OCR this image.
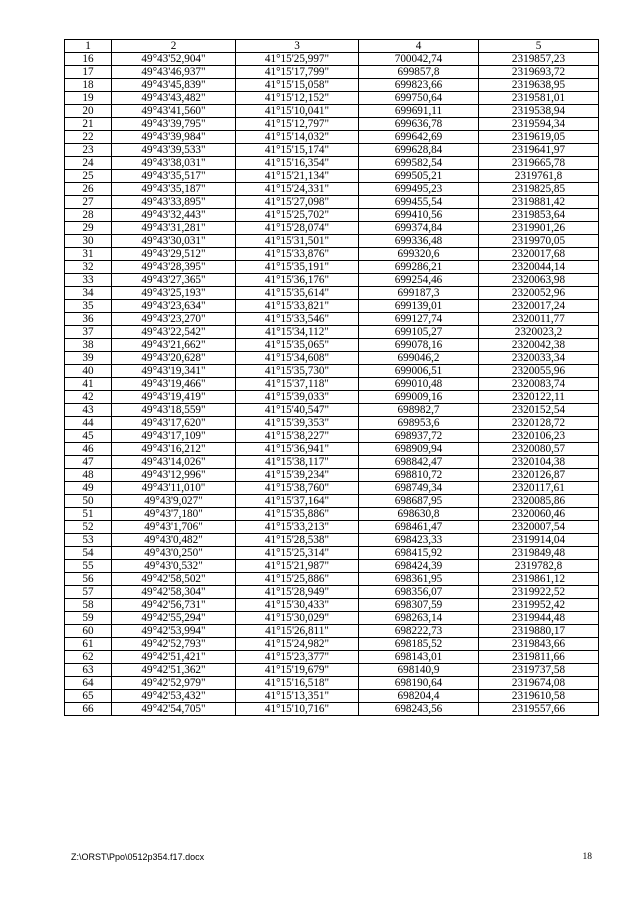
1	2	3	4	5
16	49°43'52,904"	41°15'25,997"	700042,74	2319857,23
17	49°43'46,937"	41°15'17,799"	699857,8	2319693,72
18	49°43'45,839"	41°15'15,058"	699823,66	2319638,95
19	49°43'43,482"	41°15'12,152"	699750,64	2319581,01
20	49°43'41,560"	41°15'10,041"	699691,11	2319538,94
21	49°43'39,795"	41°15'12,797"	699636,78	2319594,34
22	49°43'39,984"	41°15'14,032"	699642,69	2319619,05
23	49°43'39,533"	41°15'15,174"	699628,84	2319641,97
24	49°43'38,031"	41°15'16,354"	699582,54	2319665,78
25	49°43'35,517"	41°15'21,134"	699505,21	2319761,8
26	49°43'35,187"	41°15'24,331"	699495,23	2319825,85
27	49°43'33,895"	41°15'27,098"	699455,54	2319881,42
28	49°43'32,443"	41°15'25,702"	699410,56	2319853,64
29	49°43'31,281"	41°15'28,074"	699374,84	2319901,26
30	49°43'30,031"	41°15'31,501"	699336,48	2319970,05
31	49°43'29,512"	41°15'33,876"	699320,6	2320017,68
32	49°43'28,395"	41°15'35,191"	699286,21	2320044,14
33	49°43'27,365"	41°15'36,176"	699254,46	2320063,98
34	49°43'25,193"	41°15'35,614"	699187,3	2320052,96
35	49°43'23,634"	41°15'33,821"	699139,01	2320017,24
36	49°43'23,270"	41°15'33,546"	699127,74	2320011,77
37	49°43'22,542"	41°15'34,112"	699105,27	2320023,2
38	49°43'21,662"	41°15'35,065"	699078,16	2320042,38
39	49°43'20,628"	41°15'34,608"	699046,2	2320033,34
40	49°43'19,341"	41°15'35,730"	699006,51	2320055,96
41	49°43'19,466"	41°15'37,118"	699010,48	2320083,74
42	49°43'19,419"	41°15'39,033"	699009,16	2320122,11
43	49°43'18,559"	41°15'40,547"	698982,7	2320152,54
44	49°43'17,620"	41°15'39,353"	698953,6	2320128,72
45	49°43'17,109"	41°15'38,227"	698937,72	2320106,23
46	49°43'16,212"	41°15'36,941"	698909,94	2320080,57
47	49°43'14,026"	41°15'38,117"	698842,47	2320104,38
48	49°43'12,996"	41°15'39,234"	698810,72	2320126,87
49	49°43'11,010"	41°15'38,760"	698749,34	2320117,61
50	49°43'9,027"	41°15'37,164"	698687,95	2320085,86
51	49°43'7,180"	41°15'35,886"	698630,8	2320060,46
52	49°43'1,706"	41°15'33,213"	698461,47	2320007,54
53	49°43'0,482"	41°15'28,538"	698423,33	2319914,04
54	49°43'0,250"	41°15'25,314"	698415,92	2319849,48
55	49°43'0,532"	41°15'21,987"	698424,39	2319782,8
56	49°42'58,502"	41°15'25,886"	698361,95	2319861,12
57	49°42'58,304"	41°15'28,949"	698356,07	2319922,52
58	49°42'56,731"	41°15'30,433"	698307,59	2319952,42
59	49°42'55,294"	41°15'30,029"	698263,14	2319944,48
60	49°42'53,994"	41°15'26,811"	698222,73	2319880,17
61	49°42'52,793"	41°15'24,982"	698185,52	2319843,66
62	49°42'51,421"	41°15'23,377"	698143,01	2319811,66
63	49°42'51,362"	41°15'19,679"	698140,9	2319737,58
64	49°42'52,979"	41°15'16,518"	698190,64	2319674,08
65	49°42'53,432"	41°15'13,351"	698204,4	2319610,58
66	49°42'54,705"	41°15'10,716"	698243,56	2319557,66
Z:\ORST\Ppo\0512p354.f17.docx	18
